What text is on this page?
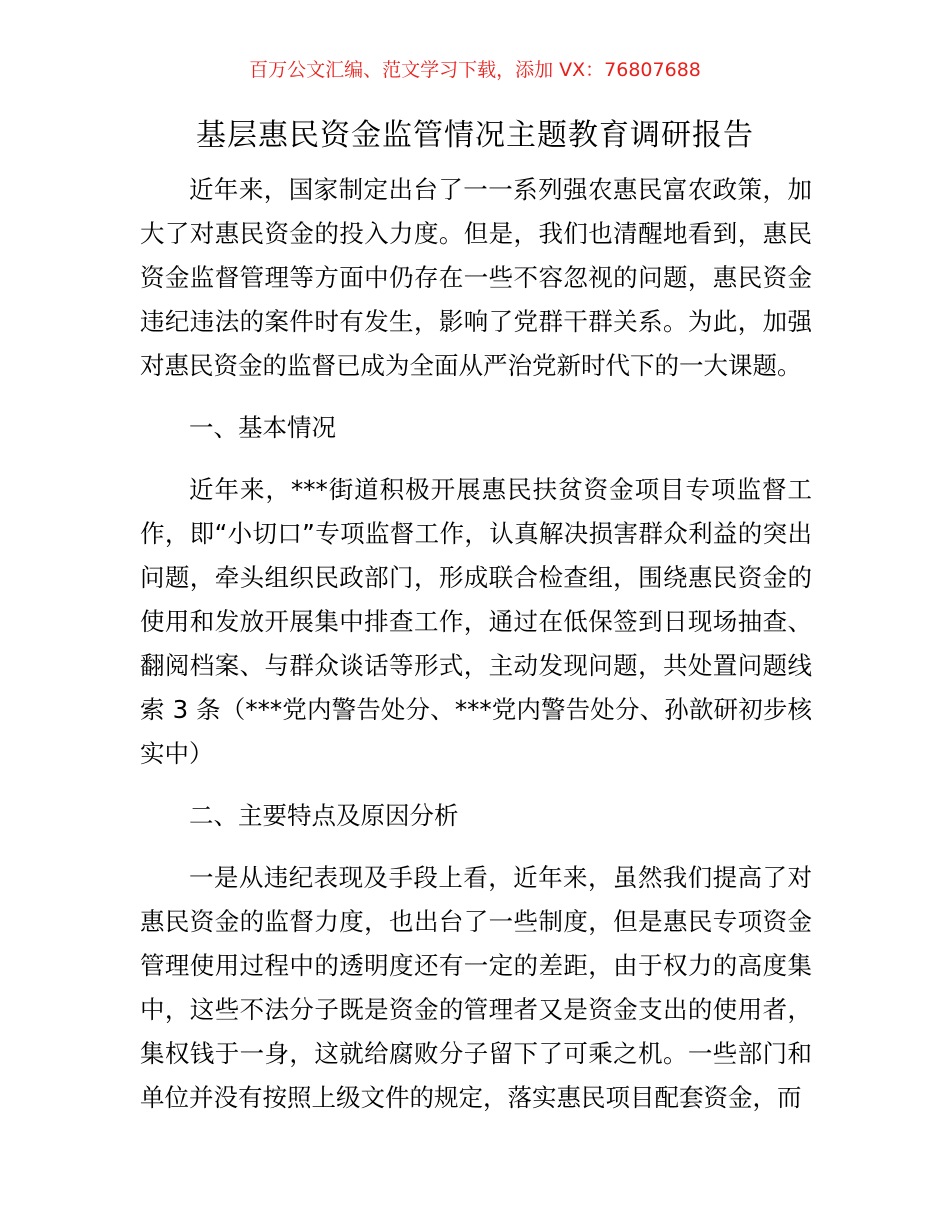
百万公文汇编、范文学习下载，添加 VX：76807688

基层惠民资金监管情况主题教育调研报告

近年来，国家制定出台了一一系列强农惠民富农政策，加大了对惠民资金的投入力度。但是，我们也清醒地看到，惠民资金监督管理等方面中仍存在一些不容忽视的问题，惠民资金违纪违法的案件时有发生，影响了党群干群关系。为此，加强对惠民资金的监督已成为全面从严治党新时代下的一大课题。

一、基本情况

近年来，***街道积极开展惠民扶贫资金项目专项监督工作，即“小切口”专项监督工作，认真解决损害群众利益的突出问题，牵头组织民政部门，形成联合检查组，围绕惠民资金的使用和发放开展集中排查工作，通过在低保签到日现场抽查、翻阅档案、与群众谈话等形式，主动发现问题，共处置问题线索 3 条（***党内警告处分、***党内警告处分、孙歆研初步核实中）

二、主要特点及原因分析

一是从违纪表现及手段上看，近年来，虽然我们提高了对惠民资金的监督力度，也出台了一些制度，但是惠民专项资金管理使用过程中的透明度还有一定的差距，由于权力的高度集中，这些不法分子既是资金的管理者又是资金支出的使用者，集权钱于一身，这就给腐败分子留下了可乘之机。一些部门和单位并没有按照上级文件的规定，落实惠民项目配套资金，而
